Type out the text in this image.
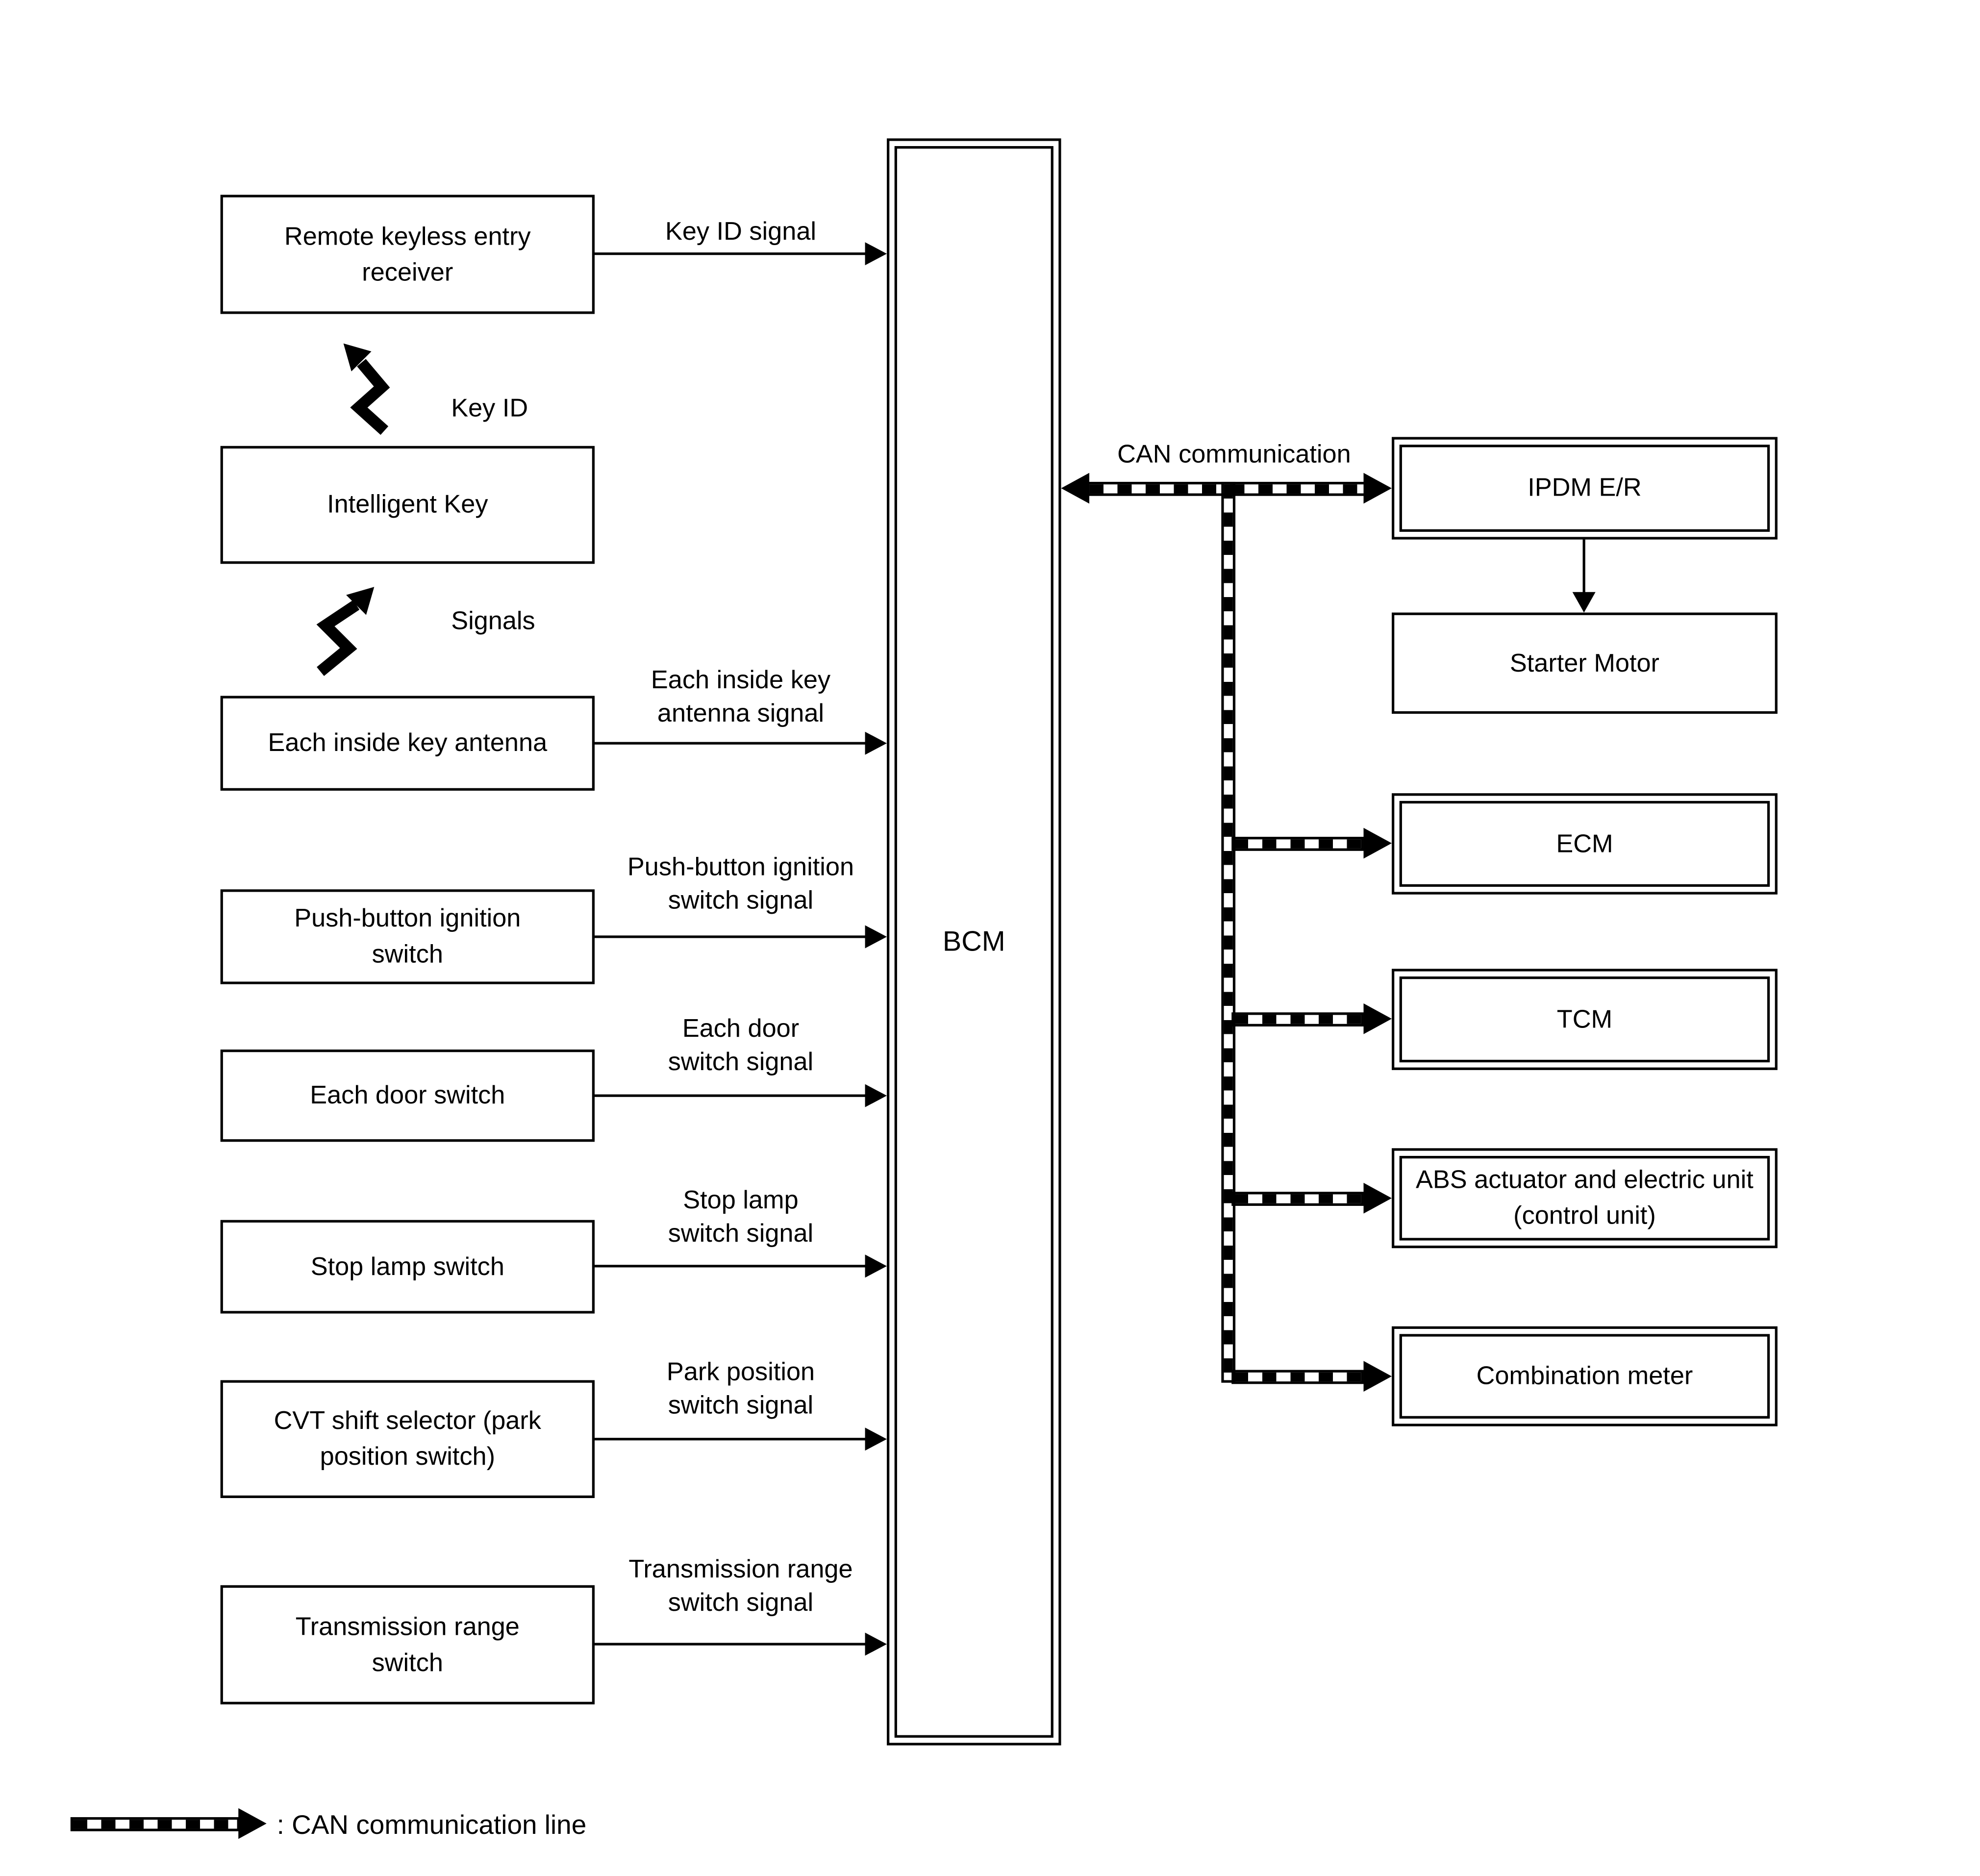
Remote keyless entry receiver
Intelligent Key
Each inside key antenna
Push-button ignition switch
Each door switch
Stop lamp switch
CVT shift selector (park position switch)
Transmission range switch
Key ID
Signals
Key ID signal
Each inside key antenna signal
Push-button ignition switch signal
Each door switch signal
Stop lamp switch signal
Park position switch signal
Transmission range switch signal
BCM
CAN communication
IPDM E/R
Starter Motor
ECM
TCM
ABS actuator and electric unit (control unit)
Combination meter
: CAN communication line
